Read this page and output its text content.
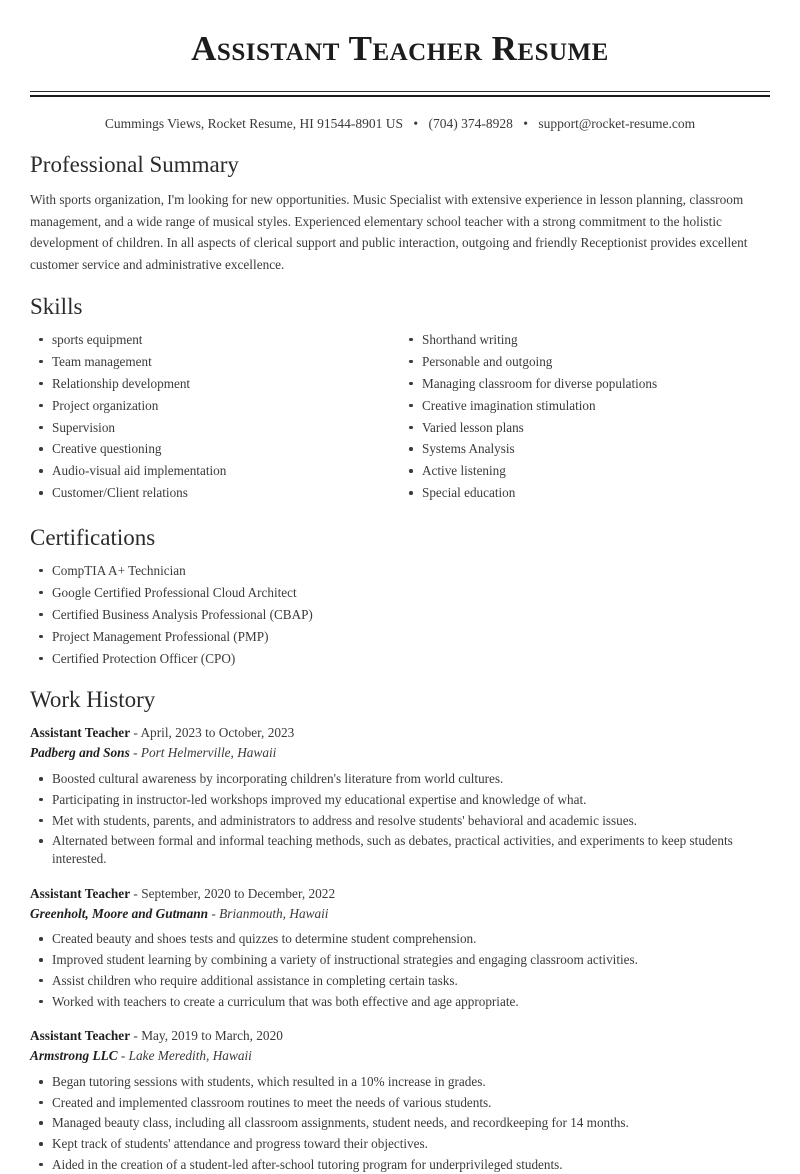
Assistant Teacher Resume
Cummings Views, Rocket Resume, HI 91544-8901 US • (704) 374-8928 • support@rocket-resume.com
Professional Summary

With sports organization, I'm looking for new opportunities. Music Specialist with extensive experience in lesson planning, classroom management, and a wide range of musical styles. Experienced elementary school teacher with a strong commitment to the holistic development of children. In all aspects of clerical support and public interaction, outgoing and friendly Receptionist provides excellent customer service and administrative excellence.

Skills
sports equipment
Team management
Relationship development
Project organization
Supervision
Creative questioning
Audio-visual aid implementation
Customer/Client relations
Shorthand writing
Personable and outgoing
Managing classroom for diverse populations
Creative imagination stimulation
Varied lesson plans
Systems Analysis
Active listening
Special education
Certifications
CompTIA A+ Technician
Google Certified Professional Cloud Architect
Certified Business Analysis Professional (CBAP)
Project Management Professional (PMP)
Certified Protection Officer (CPO)
Work History
Assistant Teacher - April, 2023 to October, 2023
Padberg and Sons - Port Helmerville, Hawaii
Boosted cultural awareness by incorporating children's literature from world cultures.
Participating in instructor-led workshops improved my educational expertise and knowledge of what.
Met with students, parents, and administrators to address and resolve students' behavioral and academic issues.
Alternated between formal and informal teaching methods, such as debates, practical activities, and experiments to keep students interested.
Assistant Teacher - September, 2020 to December, 2022
Greenholt, Moore and Gutmann - Brianmouth, Hawaii
Created beauty and shoes tests and quizzes to determine student comprehension.
Improved student learning by combining a variety of instructional strategies and engaging classroom activities.
Assist children who require additional assistance in completing certain tasks.
Worked with teachers to create a curriculum that was both effective and age appropriate.
Assistant Teacher - May, 2019 to March, 2020
Armstrong LLC - Lake Meredith, Hawaii
Began tutoring sessions with students, which resulted in a 10% increase in grades.
Created and implemented classroom routines to meet the needs of various students.
Managed beauty class, including all classroom assignments, student needs, and recordkeeping for 14 months.
Kept track of students' attendance and progress toward their objectives.
Aided in the creation of a student-led after-school tutoring program for underprivileged students.
